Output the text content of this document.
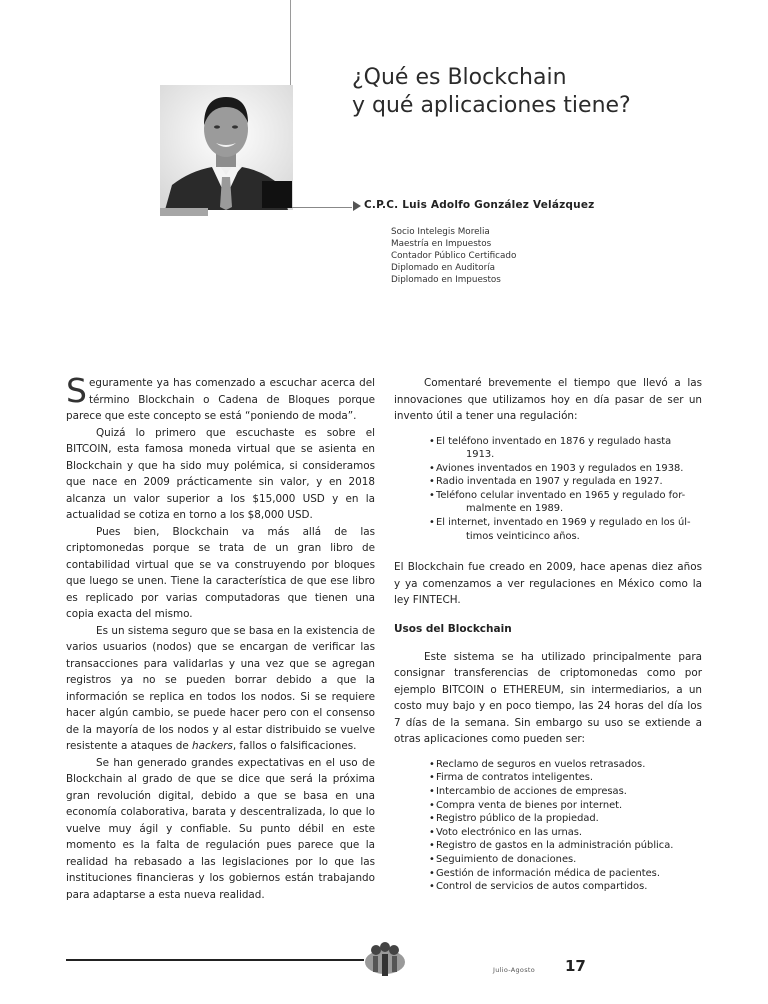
¿Qué es Blockchain
y qué aplicaciones tiene?
C.P.C. Luis Adolfo González Velázquez
Socio Intelegis Morelia
Maestría en Impuestos
Contador Público Certificado
Diplomado en Auditoría
Diplomado en Impuestos

Seguramente ya has comenzado a escuchar acerca del término Blockchain o Cadena de Bloques porque parece que este concepto se está “poniendo de moda”.

Quizá lo primero que escuchaste es sobre el BITCOIN, esta famosa moneda virtual que se asienta en Blockchain y que ha sido muy polémica, si consideramos que nace en 2009 prácticamente sin valor, y en 2018 alcanza un valor superior a los $15,000 USD y en la actualidad se cotiza en torno a los $8,000 USD.

Pues bien, Blockchain va más allá de las criptomonedas porque se trata de un gran libro de contabilidad virtual que se va construyendo por bloques que luego se unen. Tiene la característica de que ese libro es replicado por varias computadoras que tienen una copia exacta del mismo.

Es un sistema seguro que se basa en la existencia de varios usuarios (nodos) que se encargan de verificar las transacciones para validarlas y una vez que se agregan registros ya no se pueden borrar debido a que la información se replica en todos los nodos. Si se requiere hacer algún cambio, se puede hacer pero con el consenso de la mayoría de los nodos y al estar distribuido se vuelve resistente a ataques de hackers, fallos o falsificaciones.

Se han generado grandes expectativas en el uso de Blockchain al grado de que se dice que será la próxima gran revolución digital, debido a que se basa en una economía colaborativa, barata y descentralizada, lo que lo vuelve muy ágil y confiable. Su punto débil en este momento es la falta de regulación pues parece que la realidad ha rebasado a las legislaciones por lo que las instituciones financieras y los gobiernos están trabajando para adaptarse a esta nueva realidad.

Comentaré brevemente el tiempo que llevó a las innovaciones que utilizamos hoy en día pasar de ser un invento útil a tener una regulación:

•El teléfono inventado en 1876 y regulado hasta
1913.
•Aviones inventados en 1903 y regulados en 1938.
•Radio inventada en 1907 y regulada en 1927.
•Teléfono celular inventado en 1965 y regulado for-
malmente en 1989.
•El internet, inventado en 1969 y regulado en los úl-
timos veinticinco años.

El Blockchain fue creado en 2009, hace apenas diez años y ya comenzamos a ver regulaciones en México como la ley FINTECH.

Usos del Blockchain

Este sistema se ha utilizado principalmente para consignar transferencias de criptomonedas como por ejemplo BITCOIN o ETHEREUM, sin intermediarios, a un costo muy bajo y en poco tiempo, las 24 horas del día los 7 días de la semana. Sin embargo su uso se extiende a otras aplicaciones como pueden ser:

•Reclamo de seguros en vuelos retrasados.
•Firma de contratos inteligentes.
•Intercambio de acciones de empresas.
•Compra venta de bienes por internet.
•Registro público de la propiedad.
•Voto electrónico en las urnas.
•Registro de gastos en la administración pública.
•Seguimiento de donaciones.
•Gestión de información médica de pacientes.
•Control de servicios de autos compartidos.
Julio-Agosto 17
